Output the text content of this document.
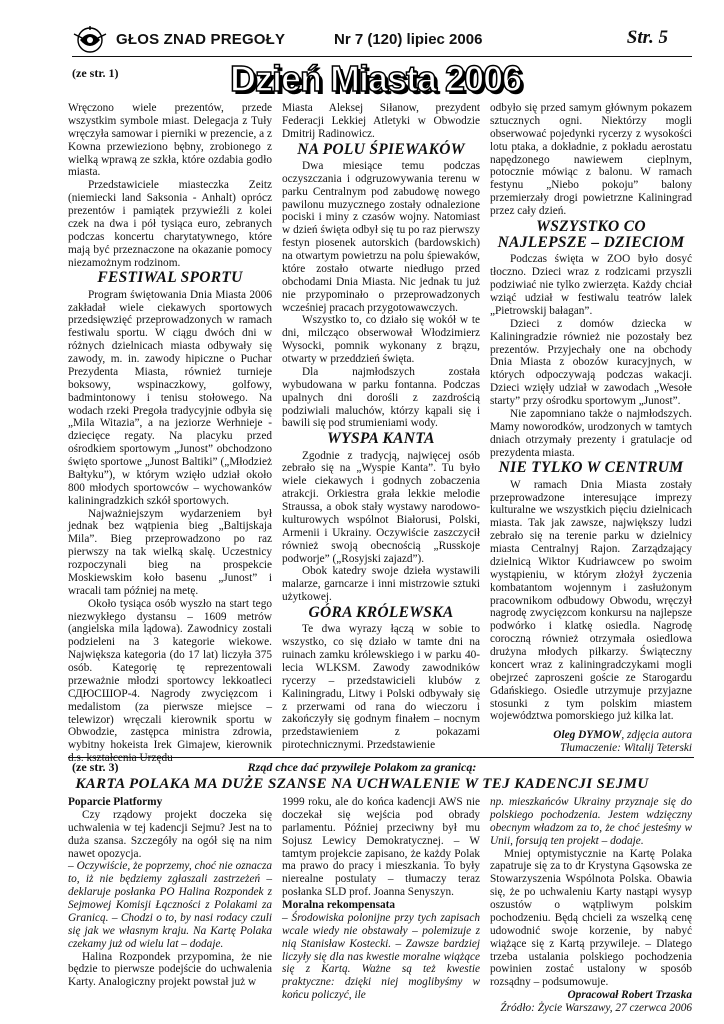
GŁOS ZNAD PREGOŁY	Nr 7 (120) lipiec 2006	Str. 5
(ze str. 1)	Dzień Miasta 2006

Wręczono wiele prezentów, przede wszystkim symbole miast. Delegacja z Tuły wręczyła samowar i pierniki w prezencie, a z Kowna przewieziono bębny, zrobionego z wielką wprawą ze szkła, które ozdabia godło miasta.

Przedstawiciele miasteczka Zeitz (niemiecki land Saksonia - Anhalt) oprócz prezentów i pamiątek przywieźli z kolei czek na dwa i pół tysiąca euro, zebranych podczas koncertu charytatywnego, które mają być przeznaczone na okazanie pomocy niezamożnym rodzinom.

FESTIWAL SPORTU

Program świętowania Dnia Miasta 2006 zakładał wiele ciekawych sportowych przedsięwzięć przeprowadzonych w ramach festiwalu sportu. W ciągu dwóch dni w różnych dzielnicach miasta odbywały się zawody, m. in. zawody hipiczne o Puchar Prezydenta Miasta, również turnieje boksowy, wspinaczkowy, golfowy, badmintonowy i tenisu stołowego. Na wodach rzeki Pregoła tradycyjnie odbyła się „Mila Witazia”, a na jeziorze Werhnieje - dziecięce regaty. Na placyku przed ośrodkiem sportowym „Junost” obchodzono święto sportowe „Junost Baltiki” („Młodzież Bałtyku”), w którym wzięło udział około 800 młodych sportowców – wychowanków kaliningradzkich szkół sportowych.

Najważniejszym wydarzeniem był jednak bez wątpienia bieg „Baltijskaja Mila”. Bieg przeprowadzono po raz pierwszy na tak wielką skalę. Uczestnicy rozpoczynali bieg na prospekcie Moskiewskim koło basenu „Junost” i wracali tam później na metę.

Około tysiąca osób wyszło na start tego niezwykłego dystansu – 1609 metrów (angielska mila lądowa). Zawodnicy zostali podzieleni na 3 kategorie wiekowe. Największa kategoria (do 17 lat) liczyła 375 osób. Kategorię tę reprezentowali przeważnie młodzi sportowcy lekkoatleci СДЮСШОР-4. Nagrody zwycięzcom i medalistom (za pierwsze miejsce – telewizor) wręczali kierownik sportu w Obwodzie, zastępca ministra zdrowia, wybitny hokeista Irek Gimajew, kierownik d.s. kształcenia Urzędu

Miasta Aleksej Siłanow, prezydent Federacji Lekkiej Atletyki w Obwodzie Dmitrij Radinowicz.

NA POLU ŚPIEWAKÓW

Dwa miesiące temu podczas oczyszczania i odgruzowywania terenu w parku Centralnym pod zabudowę nowego pawilonu muzycznego zostały odnalezione pociski i miny z czasów wojny. Natomiast w dzień święta odbył się tu po raz pierwszy festyn piosenek autorskich (bardowskich) na otwartym powietrzu na polu śpiewaków, które zostało otwarte niedługo przed obchodami Dnia Miasta. Nic jednak tu już nie przypominało o przeprowadzonych wcześniej pracach przygotowawczych.

Wszystko to, co działo się wokół w te dni, milcząco obserwował Włodzimierz Wysocki, pomnik wykonany z brązu, otwarty w przeddzień święta.

Dla najmłodszych została wybudowana w parku fontanna. Podczas upalnych dni dorośli z zazdrością podziwiali maluchów, którzy kąpali się i bawili się pod strumieniami wody.

WYSPA KANTA

Zgodnie z tradycją, najwięcej osób zebrało się na „Wyspie Kanta”. Tu było wiele ciekawych i godnych zobaczenia atrakcji. Orkiestra grała lekkie melodie Straussa, a obok stały wystawy narodowo-kulturowych wspólnot Białorusi, Polski, Armenii i Ukrainy. Oczywiście zaszczycił również swoją obecnością „Russkoje podworje” („Rosyjski zajazd”).

Obok katedry swoje dzieła wystawili malarze, garncarze i inni mistrzowie sztuki użytkowej.

GÓRA KRÓLEWSKA

Te dwa wyrazy łączą w sobie to wszystko, co się działo w tamte dni na ruinach zamku królewskiego i w parku 40-lecia WLKSM. Zawody zawodników rycerzy – przedstawicieli klubów z Kaliningradu, Litwy i Polski odbywały się z przerwami od rana do wieczoru i zakończyły się godnym finałem – nocnym przedstawieniem z pokazami pirotechnicznymi. Przedstawienie

odbyło się przed samym głównym pokazem sztucznych ogni. Niektórzy mogli obserwować pojedynki rycerzy z wysokości lotu ptaka, a dokładnie, z pokładu aerostatu napędzonego nawiewem cieplnym, potocznie mówiąc z balonu. W ramach festynu „Niebo pokoju” balony przemierzały drogi powietrzne Kaliningrad przez cały dzień.

WSZYSTKO CO NAJLEPSZE – DZIECIOM

Podczas święta w ZOO było dosyć tłoczno. Dzieci wraz z rodzicami przyszli podziwiać nie tylko zwierzęta. Każdy chciał wziąć udział w festiwalu teatrów lalek „Pietrowskij bałagan”.

Dzieci z domów dziecka w Kaliningradzie również nie pozostały bez prezentów. Przyjechały one na obchody Dnia Miasta z obozów kuracyjnych, w których odpoczywają podczas wakacji. Dzieci wzięły udział w zawodach „Wesołe starty” przy ośrodku sportowym „Junost”.

Nie zapomniano także o najmłodszych. Mamy noworodków, urodzonych w tamtych dniach otrzymały prezenty i gratulacje od prezydenta miasta.

NIE TYLKO W CENTRUM

W ramach Dnia Miasta zostały przeprowadzone interesujące imprezy kulturalne we wszystkich pięciu dzielnicach miasta. Tak jak zawsze, największy ludzi zebrało się na terenie parku w dzielnicy miasta Centralnyj Rajon. Zarządzający dzielnicą Wiktor Kudriawcew po swoim wystąpieniu, w którym złożył życzenia kombatantom wojennym i zasłużonym pracownikom odbudowy Obwodu, wręczył nagrodę zwycięzcom konkursu na najlepsze podwórko i klatkę osiedla. Nagrodę coroczną również otrzymała osiedlowa drużyna młodych piłkarzy. Świąteczny koncert wraz z kaliningradczykami mogli obejrzeć zaproszeni goście ze Starogardu Gdańskiego. Osiedle utrzymuje przyjazne stosunki z tym polskim miastem województwa pomorskiego już kilka lat.

Oleg DYMOW, zdjęcia autora

Tłumaczenie: Witalij Teterski

(ze str. 3)	Rząd chce dać przywileje Polakom za granicą:
KARTA POLAKA MA DUŻE SZANSE NA UCHWALENIE W TEJ KADENCJI SEJMU

Poparcie Platformy

Czy rządowy projekt doczeka się uchwalenia w tej kadencji Sejmu? Jest na to duża szansa. Szczegóły na ogół się na nim nawet opozycja.

– Oczywiście, że poprzemy, choć nie oznacza to, iż nie będziemy zgłaszali zastrzeżeń – deklaruje posłanka PO Halina Rozpondek z Sejmowej Komisji Łączności z Polakami za Granicą. – Chodzi o to, by nasi rodacy czuli się jak we własnym kraju. Na Kartę Polaka czekamy już od wielu lat – dodaje.

Halina Rozpondek przypomina, że nie będzie to pierwsze podejście do uchwalenia Karty. Analogiczny projekt powstał już w

1999 roku, ale do końca kadencji AWS nie doczekał się wejścia pod obrady parlamentu. Później przeciwny był mu Sojusz Lewicy Demokratycznej. – W tamtym projekcie zapisano, że każdy Polak ma prawo do pracy i mieszkania. To były nierealne postulaty – tłumaczy teraz posłanka SLD prof. Joanna Senyszyn.

Moralna rekompensata

– Środowiska polonijne przy tych zapisach wcale wiedy nie obstawały – polemizuje z nią Stanisław Kostecki. – Zawsze bardziej liczyły się dla nas kwestie moralne wiążące się z Kartą. Ważne są też kwestie praktyczne: dzięki niej moglibyśmy w końcu policzyć, ile

np. mieszkańców Ukrainy przyznaje się do polskiego pochodzenia. Jestem wdzięczny obecnym władzom za to, że choć jesteśmy w Unii, forsują ten projekt – dodaje.

Mniej optymistycznie na Kartę Polaka zapatruje się za to dr Krystyna Gąsowska ze Stowarzyszenia Wspólnota Polska. Obawia się, że po uchwaleniu Karty nastąpi wysyp oszustów o wątpliwym polskim pochodzeniu. Będą chcieli za wszelką cenę udowodnić swoje korzenie, by nabyć wiążące się z Kartą przywileje. – Dlatego trzeba ustalania polskiego pochodzenia powinien zostać ustalony w sposób rozsądny – podsumowuje.

Opracował Robert Trzaska

Źródło: Życie Warszawy, 27 czerwca 2006
